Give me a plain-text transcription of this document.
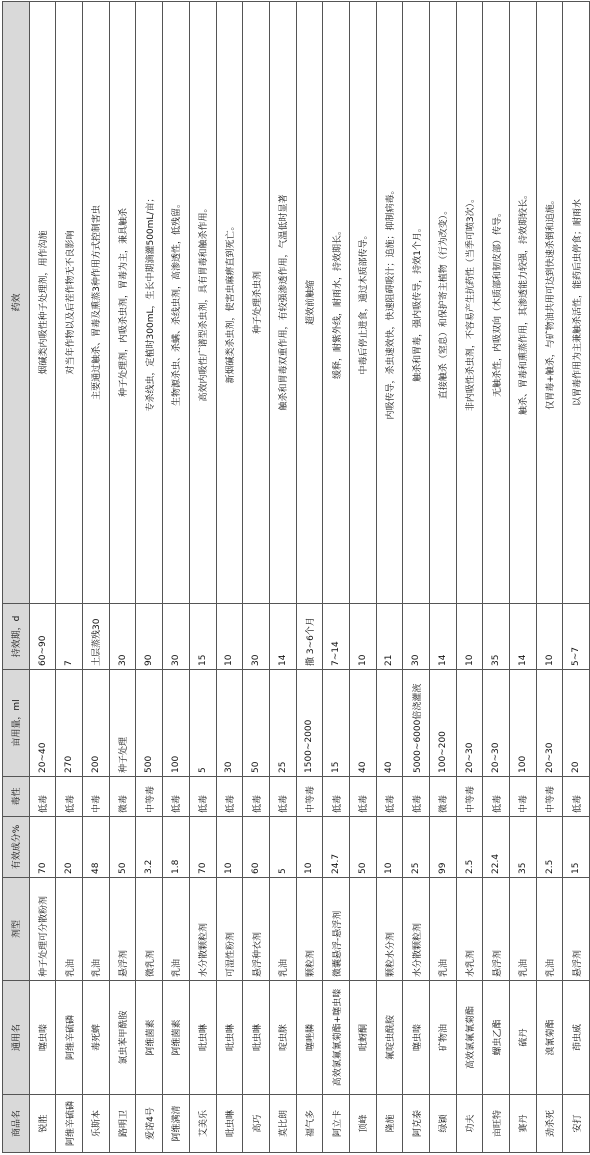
商品名	通用名	剂型	有效成分%	毒性	亩用量，ml	持效期，d	药效
锐胜	噻虫嗪	种子处理可分散粉剂	70	低毒	20~40	60~90	烟碱类内吸性种子处理剂，用作沟施
阿维辛硫磷	阿维辛硫磷	乳油	20	低毒	270	7	对当年作物以及后茬作物无不良影响
乐斯本	毒死蜱	乳油	48	中毒	200	土层蒸残30	主要通过触杀、胃毒及熏蒸3种作用方式控制害虫
路明卫	氯虫苯甲酰胺	悬浮剂	50	微毒	种子处理	30	种子处理剂，内吸杀虫剂，胃毒为主，兼具触杀
爱诺4号	阿维菌素	微乳剂	3.2	中等毒	500	90	专杀线虫，定植时300mL，生长中期滴灌500mL/亩；
阿维满清	阿维菌素	乳油	1.8	低毒	100	30	生物源杀虫、杀螨、杀线虫剂，高渗透性，低残留。
艾美乐	吡虫啉	水分散颗粒剂	70	低毒	5	15	高效内吸性广谱型杀虫剂，具有胃毒和触杀作用。
吡虫啉	吡虫啉	可湿性粉剂	10	低毒	30	10	新烟碱类杀虫剂，使害虫麻痹直到死亡。
高巧	吡虫啉	悬浮种衣剂	60	低毒	50	30	种子处理杀虫剂
莫比朗	啶虫脒	乳油	5	低毒	25	14	触杀和胃毒双重作用，有较强渗透作用，气温低时显著
福气多	噻唑膦	颗粒剂	10	中等毒	1500~2000	撒 3~6个月	超效前触缩
阿立卡	高效氯氟氰菊酯+噻虫嗪	微囊悬浮-悬浮剂	24.7	低毒	15	7~14	缓释，耐紫外线，耐雨水，持效期长。
顶峰	吡蚜酮		50	低毒	40	10	中毒后停止进食，通过木质部传导。
隆施	氟啶虫酰胺	颗粒水分剂	10	低毒	40	21	内吸传导，杀虫速效快，快速阻碍吸汁；追施；抑制病毒。
阿克泰	噻虫嗪	水分散颗粒剂	25	低毒	5000~6000倍浇灌液	30	触杀和胃毒，强内吸传导，持效1个月。
绿颖	矿物油	乳油	99	微毒	100~200	14	直接触杀（窒息）和保护寄主植物（行为改变）。
功夫	高效氯氟氰菊酯	水乳剂	2.5	中等毒	20~30	10	非内吸性杀虫剂，不容易产生抗药性（当季可喷3次）。
亩旺特	螺虫乙酯	悬浮剂	22.4	低毒	20~30	35	无触杀性，内吸双向（木质部和韧皮部）传导。
赛丹	硫丹	乳油	35	中毒	100	14	触杀、胃毒和熏蒸作用，其渗透能力较强，持效期较长。
劲杀死	溴氰菊酯	乳油	2.5	中等毒	20~30	10	仅胃毒+触杀，与矿物油共用可达到快速杀倒和追施。
安打	茚虫威	悬浮剂	15	低毒	20	5~7	以胃毒作用为主兼触杀活性，能药后虫停食；耐雨水
